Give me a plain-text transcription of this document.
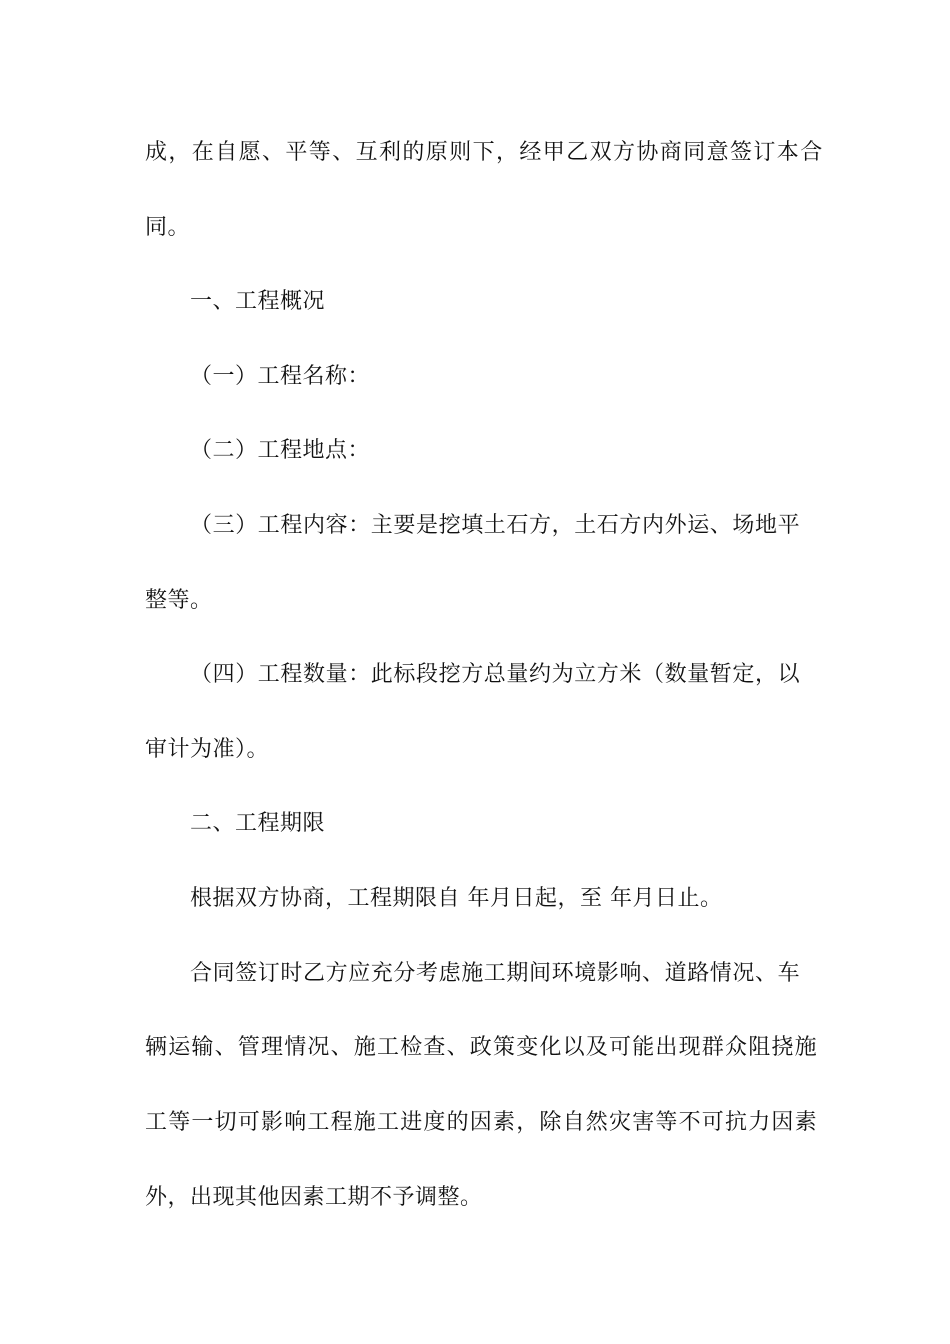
成，在自愿、平等、互利的原则下，经甲乙双方协商同意签订本合
同。
一、工程概况
（一）工程名称：
（二）工程地点：
（三）工程内容：主要是挖填土石方，土石方内外运、场地平
整等。
（四）工程数量：此标段挖方总量约为立方米（数量暂定，以
审计为准）。
二、工程期限
根据双方协商，工程期限自 年月日起，至 年月日止。
合同签订时乙方应充分考虑施工期间环境影响、道路情况、车
辆运输、管理情况、施工检查、政策变化以及可能出现群众阻挠施
工等一切可影响工程施工进度的因素，除自然灾害等不可抗力因素
外，出现其他因素工期不予调整。
